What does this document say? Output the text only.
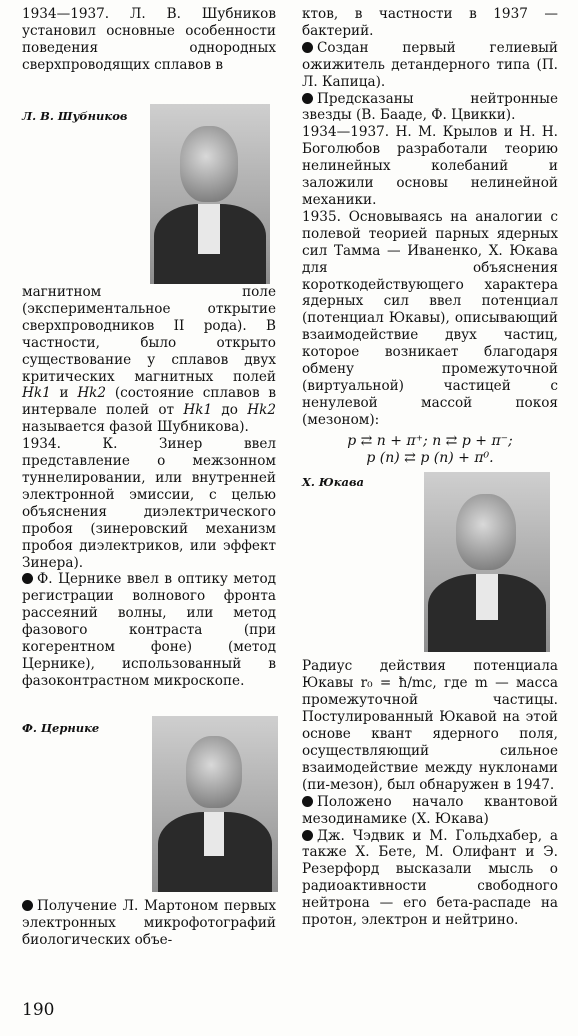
1934—1937. Л. В. Шубников установил основные особенности поведения однородных сверхпроводящих сплавов в

Л. В. Шубников

магнитном поле (экспериментальное открытие сверхпроводников II рода). В частности, было открыто существование у сплавов двух критических магнитных полей Hk1 и Hk2 (состояние сплавов в интервале полей от Hk1 до Hk2 называется фазой Шубникова).

1934. К. Зинер ввел представление о межзонном туннелировании, или внутренней электронной эмиссии, с целью объяснения диэлектрического пробоя (зинеровский механизм пробоя диэлектриков, или эффект Зинера).

Ф. Цернике ввел в оптику метод регистрации волнового фронта рассеяний волны, или метод фазового контраста (при когерентном фоне) (метод Цернике), использованный в фазоконтрастном микроскопе.

Ф. Цернике

Получение Л. Мартоном первых электронных микрофотографий биологических объе-

ктов, в частности в 1937 — бактерий.

Создан первый гелиевый ожижитель детандерного типа (П. Л. Капица).

Предсказаны нейтронные звезды (В. Бааде, Ф. Цвикки).

1934—1937. Н. М. Крылов и Н. Н. Боголюбов разработали теорию нелинейных колебаний и заложили основы нелинейной механики.

1935. Основываясь на аналогии с полевой теорией парных ядерных сил Тамма — Иваненко, Х. Юкава для объяснения короткодействующего характера ядерных сил ввел потенциал (потенциал Юкавы), описывающий взаимодействие двух частиц, которое возникает благодаря обмену промежуточной (виртуальной) частицей с ненулевой массой покоя (мезоном):

p ⇄ n + π⁺; n ⇄ p + π⁻;

p (n) ⇄ p (n) + π⁰.

Х. Юкава

Радиус действия потенциала Юкавы r₀ = ħ/mc, где m — масса промежуточной частицы. Постулированный Юкавой на этой основе квант ядерного поля, осуществляющий сильное взаимодействие между нуклонами (пи-мезон), был обнаружен в 1947.

Положено начало квантовой мезодинамике (Х. Юкава)

Дж. Чэдвик и М. Гольдхабер, а также Х. Бете, М. Олифант и Э. Резерфорд высказали мысль о радиоактивности свободного нейтрона — его бета-распаде на протон, электрон и нейтрино.

190
